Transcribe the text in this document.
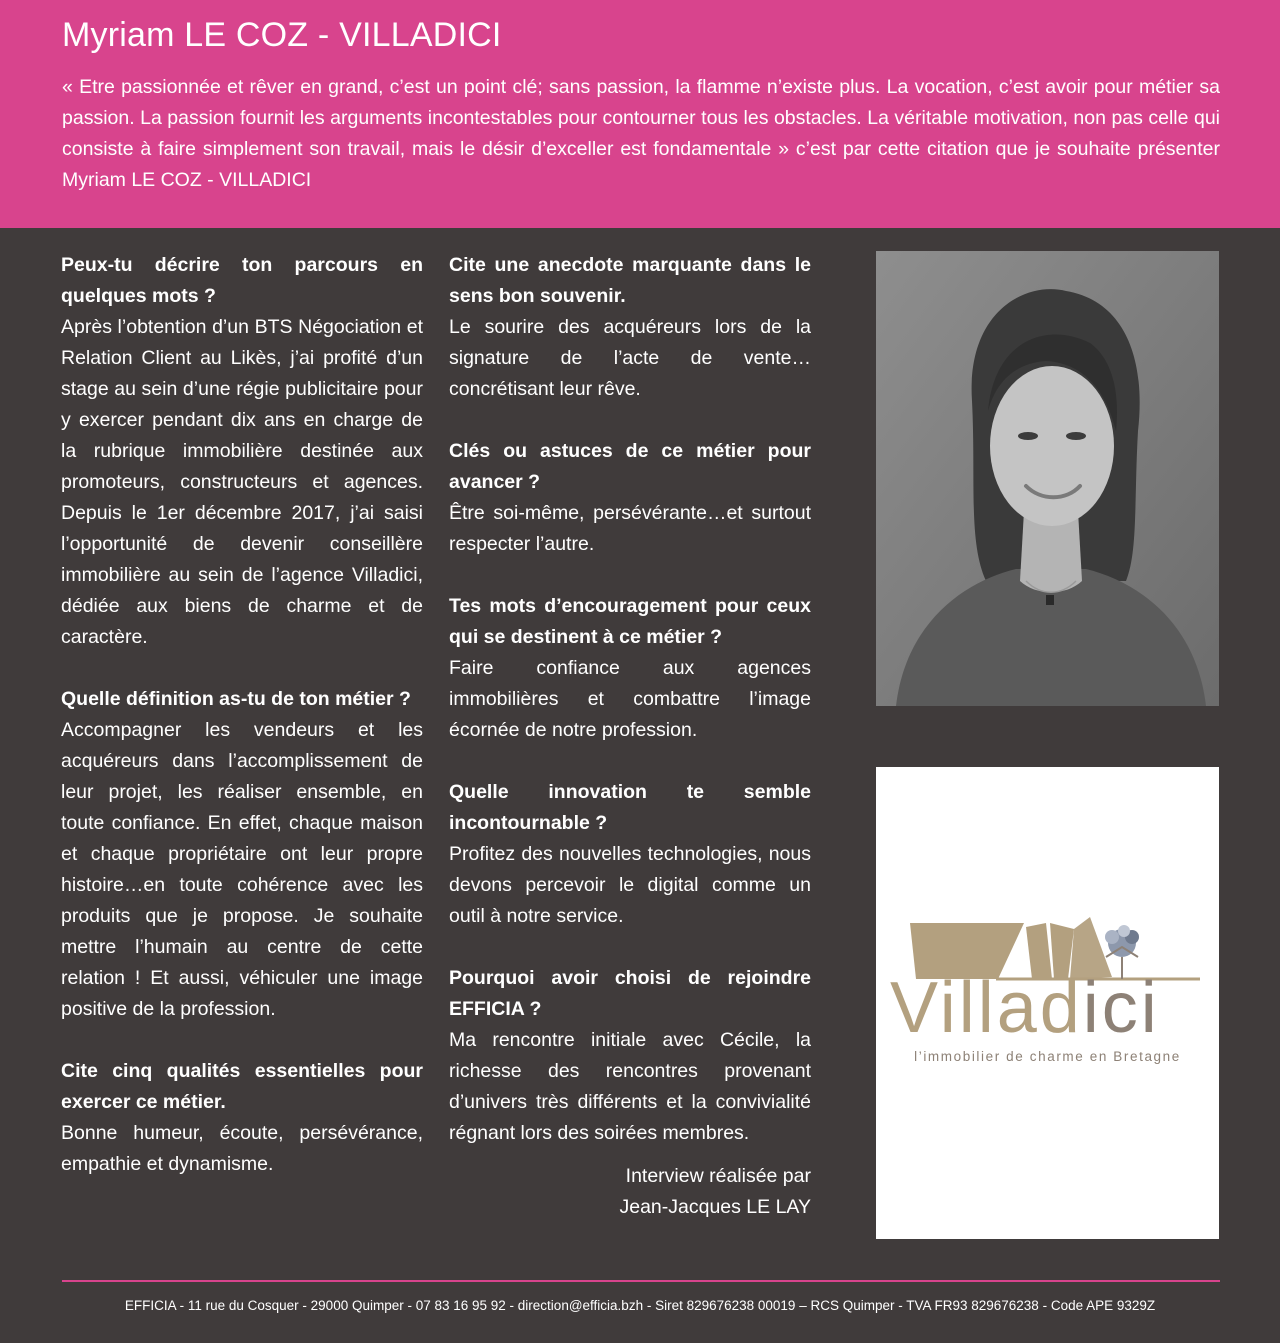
Myriam LE COZ - VILLADICI

« Etre passionnée et rêver en grand, c’est un point clé; sans passion, la flamme n’existe plus. La vocation, c’est avoir pour métier sa passion. La passion fournit les arguments incontestables pour contourner tous les obstacles. La véritable motivation, non pas celle qui consiste à faire simplement son travail, mais le désir d’exceller est fondamentale » c’est par cette citation que je souhaite présenter Myriam LE COZ - VILLADICI

Peux-tu décrire ton parcours en quelques mots ?
Après l’obtention d’un BTS Négociation et Relation Client au Likès, j’ai profité d’un stage au sein d’une régie publicitaire pour y exercer pendant dix ans en charge de la rubrique immobilière destinée aux promoteurs, constructeurs et agences. Depuis le 1er décembre 2017, j’ai saisi l’opportunité de devenir conseillère immobilière au sein de l’agence Villadici, dédiée aux biens de charme et de caractère.
Quelle définition as-tu de ton métier ?
Accompagner les vendeurs et les acquéreurs dans l’accomplissement de leur projet, les réaliser ensemble, en toute confiance. En effet, chaque maison et chaque propriétaire ont leur propre histoire…en toute cohérence avec les produits que je propose. Je souhaite mettre l’humain au centre de cette relation ! Et aussi, véhiculer une image positive de la profession.
Cite cinq qualités essentielles pour exercer ce métier.
Bonne humeur, écoute, persévérance, empathie et dynamisme.
Cite une anecdote marquante dans le sens bon souvenir.
Le sourire des acquéreurs lors de la signature de l’acte de vente…concrétisant leur rêve.
Clés ou astuces de ce métier pour avancer ?
Être soi-même, persévérante…et surtout respecter l’autre.
Tes mots d’encouragement pour ceux qui se destinent à ce métier ?
Faire confiance aux agences immobilières et combattre l’image écornée de notre profession.
Quelle innovation te semble incontournable ?
Profitez des nouvelles technologies, nous devons percevoir le digital comme un outil à notre service.
Pourquoi avoir choisi de rejoindre EFFICIA ?
Ma rencontre initiale avec Cécile, la richesse des rencontres provenant d’univers très différents et la convivialité régnant lors des soirées membres.
Interview réalisée par
Jean-Jacques LE LAY
Villadici
l’immobilier de charme en Bretagne
EFFICIA - 11 rue du Cosquer - 29000 Quimper - 07 83 16 95 92 - direction@efficia.bzh - Siret 829676238 00019 – RCS Quimper - TVA FR93 829676238 - Code APE 9329Z
